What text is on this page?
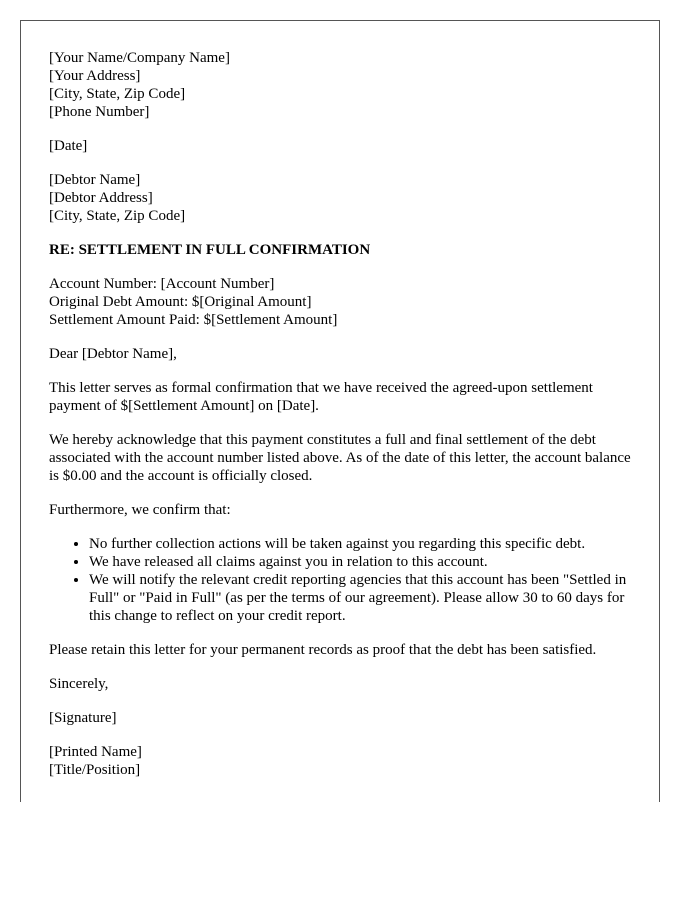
[Your Name/Company Name]
[Your Address]
[City, State, Zip Code]
[Phone Number]
[Date]
[Debtor Name]
[Debtor Address]
[City, State, Zip Code]
RE: SETTLEMENT IN FULL CONFIRMATION
Account Number: [Account Number]
Original Debt Amount: $[Original Amount]
Settlement Amount Paid: $[Settlement Amount]

Dear [Debtor Name],

This letter serves as formal confirmation that we have received the agreed-upon settlement payment of $[Settlement Amount] on [Date].

We hereby acknowledge that this payment constitutes a full and final settlement of the debt associated with the account number listed above. As of the date of this letter, the account balance is $0.00 and the account is officially closed.

Furthermore, we confirm that:

• No further collection actions will be taken against you regarding this specific debt.
• We have released all claims against you in relation to this account.
• We will notify the relevant credit reporting agencies that this account has been "Settled in Full" or "Paid in Full" (as per the terms of our agreement). Please allow 30 to 60 days for this change to reflect on your credit report.

Please retain this letter for your permanent records as proof that the debt has been satisfied.

Sincerely,

[Signature]

[Printed Name]
[Title/Position]
